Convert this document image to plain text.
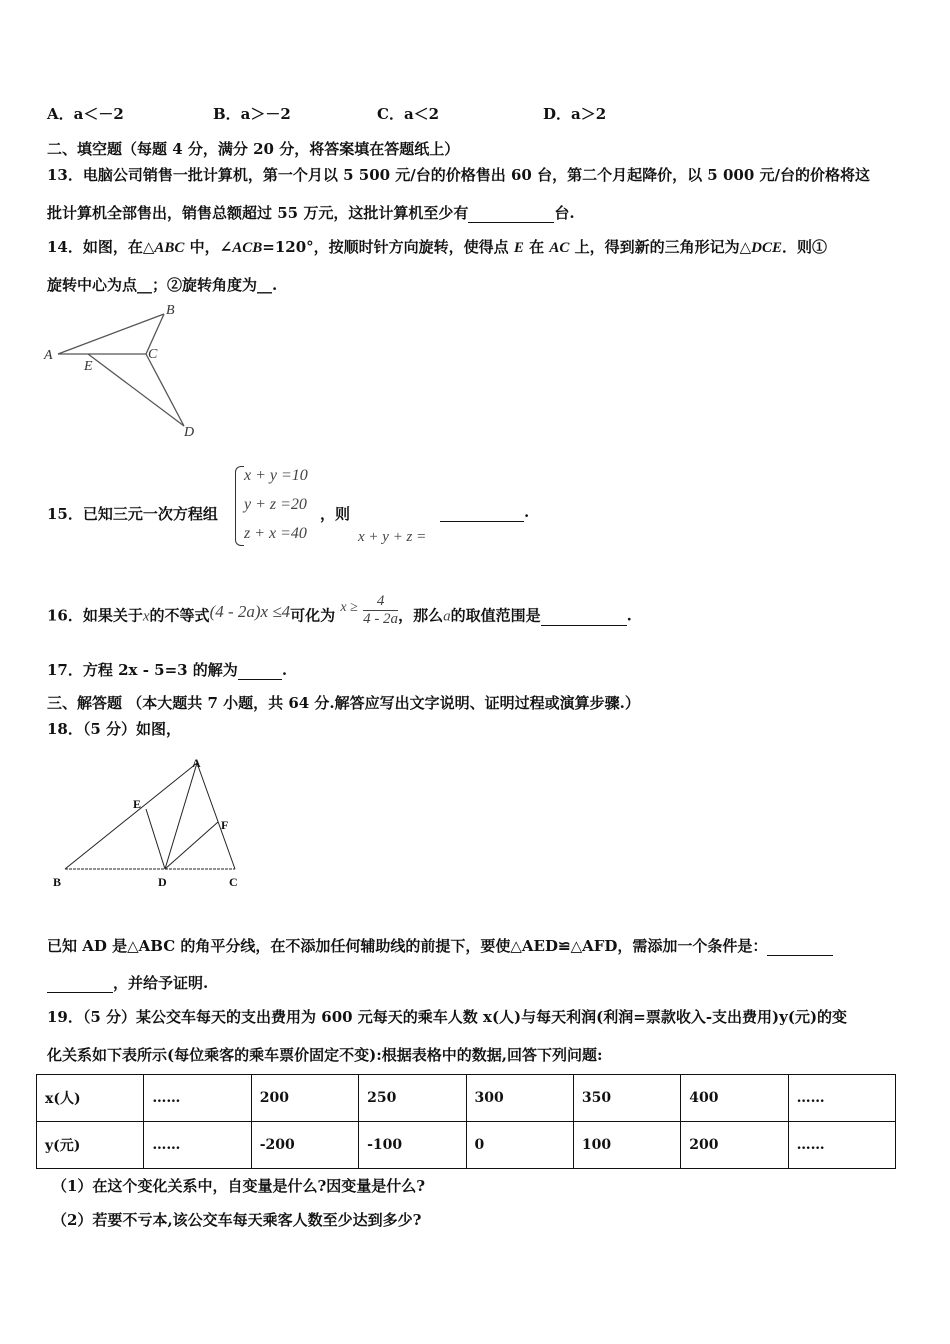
A．a＜－2	B．a＞－2	C．a＜2	D．a＞2
二、填空题（每题 4 分，满分 20 分，将答案填在答题纸上）
13．电脑公司销售一批计算机，第一个月以 5 500 元/台的价格售出 60 台，第二个月起降价，以 5 000 元/台的价格将这
批计算机全部售出，销售总额超过 55 万元，这批计算机至少有	台.
14．如图，在△ABC 中，∠ACB=120°，按顺时针方向旋转，使得点 E 在 AC 上，得到新的三角形记为△DCE．则①
旋转中心为点__；②旋转角度为__.
A
B
C
E
D
15．已知三元一次方程组
x + y =10
y + z =20
z + x =40
，则
x + y + z =
.
16．如果关于x的不等式(4 - 2a)x ≤4可化为 $x \ge \frac{4}{4 - 2a}$ ，那么a的取值范围是	.
17．方程 2x - 5=3 的解为	.
三、解答题 （本大题共 7 小题，共 64 分.解答应写出文字说明、证明过程或演算步骤.）
18．（5 分）如图，
A
B	C
D
E
F
已知 AD 是△ABC 的角平分线，在不添加任何辅助线的前提下，要使△AED≌△AFD，需添加一个条件是：
，并给予证明.
19．（5 分）某公交车每天的支出费用为 600 元每天的乘车人数 x(人)与每天利润(利润=票款收入-支出费用)y(元)的变
化关系如下表所示(每位乘客的乘车票价固定不变):根据表格中的数据,回答下列问题:
x(人)	……	200	250	300	350	400	……
y(元)	……	-200	-100	0	100	200	……
（1）在这个变化关系中，自变量是什么?因变量是什么?
（2）若要不亏本,该公交车每天乘客人数至少达到多少?
